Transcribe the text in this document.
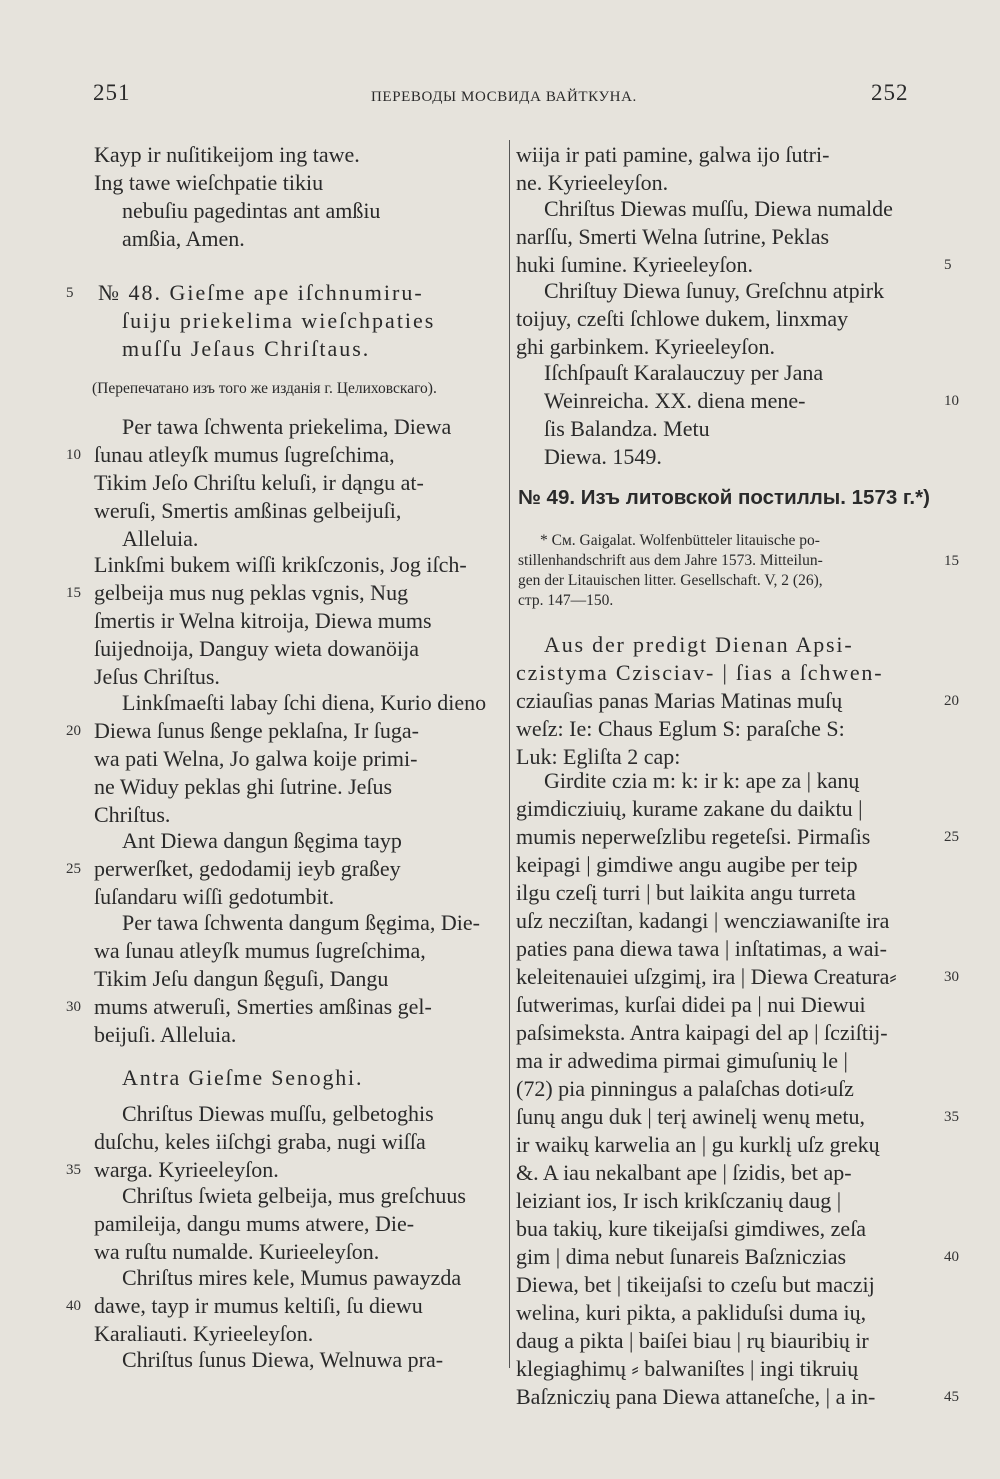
251	ПЕРЕВОДЫ МОСВИДА ВАЙТКУНА.	252
Kayp ir nuſitikeijom ing tawe.
Ing tawe wieſchpatie tikiu
nebuſiu pagedintas ant amßiu
amßia, Amen.
№ 48. Gieſme ape iſchnumiru-
5
ſuiju priekelima wieſchpaties
muſſu Jeſaus Chriſtaus.
(Перепечатано изъ того же изданія г. Целиховскаго).
Per tawa ſchwenta priekelima, Diewa
ſunau atleyſk mumus ſugreſchima,
10
Tikim Jeſo Chriſtu keluſi, ir dąngu at-
weruſi, Smertis amßinas gelbeijuſi,
Alleluia.
Linkſmi bukem wiſſi krikſczonis, Jog iſch-
gelbeija mus nug peklas vgnis, Nug
15
ſmertis ir Welna kitroija, Diewa mums
ſuijednoija, Danguy wieta dowanöija
Jeſus Chriſtus.
Linkſmaeſti labay ſchi diena, Kurio dieno
Diewa ſunus ßenge peklaſna, Ir ſuga-
20
wa pati Welna, Jo galwa koije primi-
ne Widuy peklas ghi ſutrine. Jeſus
Chriſtus.
Ant Diewa dangun ßęgima tayp
perwerſket, gedodamij ieyb graßey
25
ſuſandaru wiſſi gedotumbit.
Per tawa ſchwenta dangum ßęgima, Die-
wa ſunau atleyſk mumus ſugreſchima,
Tikim Jeſu dangun ßęguſi, Dangu
mums atweruſi, Smerties amßinas gel-
30
beijuſi. Alleluia.
Antra Gieſme Senoghi.
Chriſtus Diewas muſſu, gelbetoghis
duſchu, keles iiſchgi graba, nugi wiſſa
warga. Kyrieeleyſon.
35
Chriſtus ſwieta gelbeija, mus greſchuus
pamileija, dangu mums atwere, Die-
wa ruſtu numalde. Kurieeleyſon.
Chriſtus mires kele, Mumus pawayzda
dawe, tayp ir mumus keltiſi, ſu diewu
40
Karaliauti. Kyrieeleyſon.
Chriſtus ſunus Diewa, Welnuwa pra-
wiija ir pati pamine, galwa ijo ſutri-
ne. Kyrieeleyſon.
Chriſtus Diewas muſſu, Diewa numalde
narſſu, Smerti Welna ſutrine, Peklas
huki ſumine. Kyrieeleyſon.	5
Chriſtuy Diewa ſunuy, Greſchnu atpirk
toijuy, czeſti ſchlowe dukem, linxmay
ghi garbinkem. Kyrieeleyſon.
Iſchſpauſt Karalauczuy per Jana
Weinreicha. XX. diena mene-	10
ſis Balandza. Metu
Diewa. 1549.
№ 49. Изъ литовской постиллы. 1573 г.*)
* См. Gaigalat. Wolfenbütteler litauische po-
stillenhandschrift aus dem Jahre 1573. Mitteilun-	15
gen der Litauischen litter. Gesellschaft. V, 2 (26),
стр. 147—150.
Aus der predigt Dienan Apsi-
czistyma Czisciav- | ſias a ſchwen-
cziauſias panas Marias Matinas muſų	20
weſz: Ie: Chaus Eglum S: paraſche S:
Luk: Egliſta 2 cap:
Girdite czia m: k: ir k: ape za | kanų
gimdicziuių, kurame zakane du daiktu |
mumis neperweſzlibu regeteſsi. Pirmaſis	25
keipagi | gimdiwe angu augibe per teip
ilgu czeſį turri | but laikita angu turreta
uſz necziſtan, kadangi | wencziawaniſte ira
paties pana diewa tawa | inſtatimas, a wai-
keleitenauiei uſzgimį, ira | Diewa Creatura⸗	30
ſutwerimas, kurſai didei pa | nui Diewui
paſsimeksta. Antra kaipagi del ap | ſcziſtij-
ma ir adwedima pirmai gimuſunių le |
(72) pia pinningus a palaſchas doti⸗uſz
ſunų angu duk | terį awinelį wenų metu,	35
ir waikų karwelia an | gu kurklį uſz grekų
&. A iau nekalbant ape | ſzidis, bet ap-
leiziant ios, Ir isch krikſczanių daug |
bua takių, kure tikeijaſsi gimdiwes, zeſa
gim | dima nebut ſunareis Baſzniczias	40
Diewa, bet | tikeijaſsi to czeſu but maczij
welina, kuri pikta, a pakliduſsi duma ių,
daug a pikta | baiſei biau | rų biauribių ir
klegiaghimų ⸗ balwaniſtes | ingi tikruių
Baſzniczių pana Diewa attaneſche, | a in-	45
